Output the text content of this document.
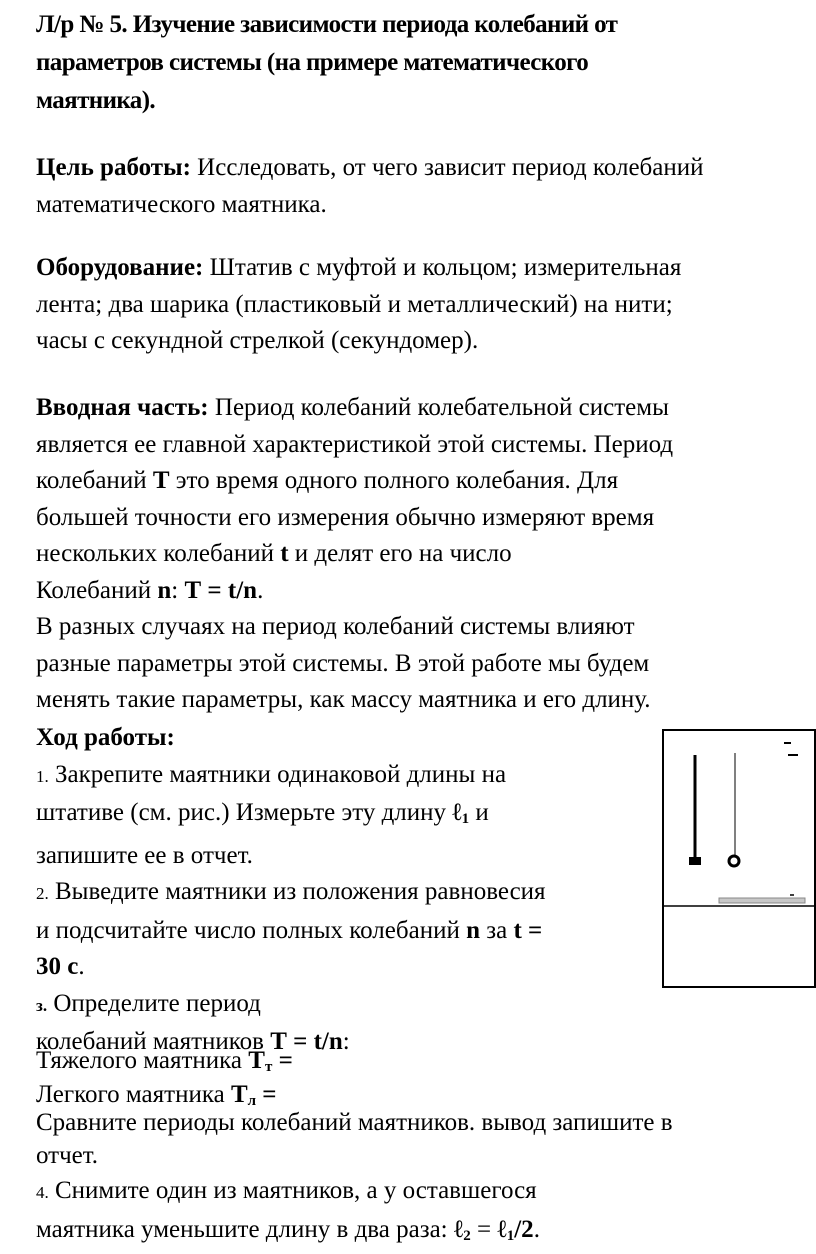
Л/р № 5. Изучение зависимости периода колебаний от
параметров системы (на примере математического
маятника).
Цель работы: Исследовать, от чего зависит период колебаний
математического маятника.
Оборудование: Штатив с муфтой и кольцом; измерительная
лента; два шарика (пластиковый и металлический) на нити;
часы с секундной стрелкой (секундомер).
Вводная часть: Период колебаний колебательной системы
является ее главной характеристикой этой системы. Период
колебаний Т это время одного полного колебания. Для
большей точности его измерения обычно измеряют время
нескольких колебаний t и делят его на число
Колебаний n: Т = t/n.
В разных случаях на период колебаний системы влияют
разные параметры этой системы. В этой работе мы будем
менять такие параметры, как массу маятника и его длину.
Ход работы:
1. Закрепите маятники одинаковой длины на
штативе (см. рис.) Измерьте эту длину ℓ$_1$ и
запишите ее в отчет.
2. Выведите маятники из положения равновесия
и подсчитайте число полных колебаний n за t =
30 с.
з. Определите период
колебаний маятников Т = t/n:
Тяжелого маятника $Т_т$ =
Легкого маятника $Т_л$ =
Сравните периоды колебаний маятников. вывод запишите в
отчет.
4. Снимите один из маятников, а у оставшегося
маятника уменьшите длину в два раза: ℓ$_2$ = ℓ$_1$/2.
